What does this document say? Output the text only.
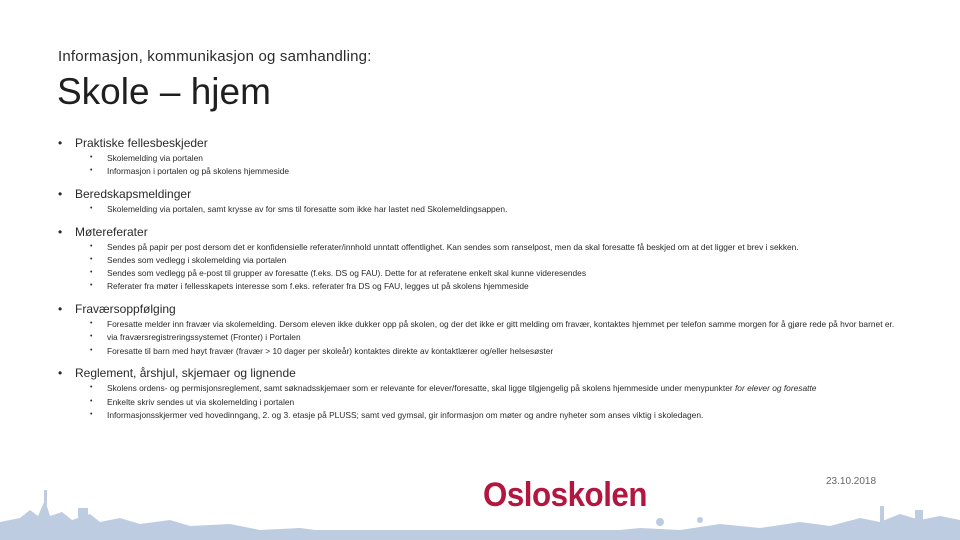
Informasjon, kommunikasjon og samhandling:
Skole – hjem
•	Praktiske fellesbeskjeder
•	Skolemelding via portalen
•	Informasjon i portalen og på skolens hjemmeside
•	Beredskapsmeldinger
•	Skolemelding via portalen, samt krysse av for sms til foresatte som ikke har lastet ned Skolemeldingsappen.
•	Møtereferater
•	Sendes på papir per post dersom det er konfidensielle referater/innhold unntatt offentlighet. Kan sendes som ranselpost, men da skal foresatte få beskjed om at det ligger et brev i sekken.
•	Sendes som vedlegg i skolemelding via portalen
•	Sendes som vedlegg på e-post til grupper av foresatte (f.eks. DS og FAU). Dette for at referatene enkelt skal kunne videresendes
•	Referater fra møter i fellesskapets interesse som f.eks. referater fra DS og FAU, legges ut på skolens hjemmeside
•	Fraværsoppfølging
•	Foresatte melder inn fravær via skolemelding. Dersom eleven ikke dukker opp på skolen, og der det ikke er gitt melding om fravær, kontaktes hjemmet per telefon samme morgen for å gjøre rede på hvor barnet er.
•	via fraværsregistreringssystemet (Fronter) i Portalen
•	Foresatte til barn med høyt fravær (fravær > 10 dager per skoleår) kontaktes direkte av kontaktlærer og/eller helsesøster
•	Reglement, årshjul, skjemaer og lignende
•	Skolens ordens- og permisjonsreglement, samt søknadsskjemaer som er relevante for elever/foresatte, skal ligge tilgjengelig på skolens hjemmeside under menypunkter for elever og foresatte
•	Enkelte skriv sendes ut via skolemelding i portalen
•	Informasjonsskjermer ved hovedinngang, 2. og 3. etasje på PLUSS; samt ved gymsal, gir informasjon om møter og andre nyheter som anses viktig i skoledagen.
23.10.2018
Osloskolen
